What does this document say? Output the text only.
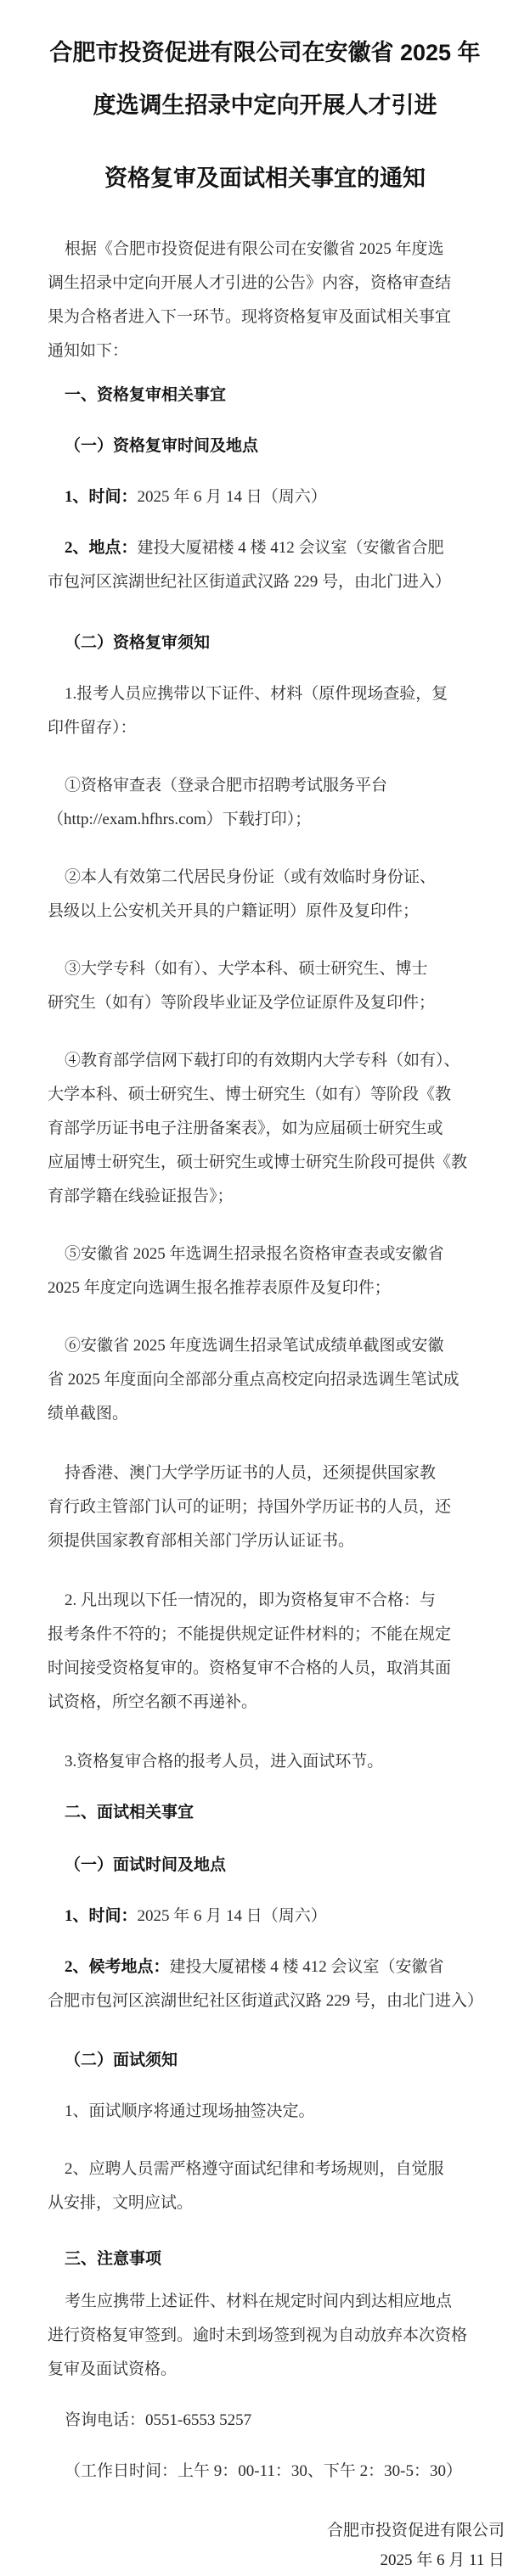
合肥市投资促进有限公司在安徽省 2025 年
度选调生招录中定向开展人才引进
资格复审及面试相关事宜的通知
根据《合肥市投资促进有限公司在安徽省 2025 年度选
调生招录中定向开展人才引进的公告》内容，资格审查结
果为合格者进入下一环节。现将资格复审及面试相关事宜
通知如下：
一、资格复审相关事宜
（一）资格复审时间及地点
1、时间：2025 年 6 月 14 日（周六）
2、地点：建投大厦裙楼 4 楼 412 会议室（安徽省合肥
市包河区滨湖世纪社区街道武汉路 229 号，由北门进入）
（二）资格复审须知
1.报考人员应携带以下证件、材料（原件现场查验，复
印件留存）：
①资格审查表（登录合肥市招聘考试服务平台
（http://exam.hfhrs.com）下载打印）；
②本人有效第二代居民身份证（或有效临时身份证、
县级以上公安机关开具的户籍证明）原件及复印件；
③大学专科（如有）、大学本科、硕士研究生、博士
研究生（如有）等阶段毕业证及学位证原件及复印件；
④教育部学信网下载打印的有效期内大学专科（如有）、
大学本科、硕士研究生、博士研究生（如有）等阶段《教
育部学历证书电子注册备案表》，如为应届硕士研究生或
应届博士研究生，硕士研究生或博士研究生阶段可提供《教
育部学籍在线验证报告》；
⑤安徽省 2025 年选调生招录报名资格审查表或安徽省
2025 年度定向选调生报名推荐表原件及复印件；
⑥安徽省 2025 年度选调生招录笔试成绩单截图或安徽
省 2025 年度面向全部部分重点高校定向招录选调生笔试成
绩单截图。
持香港、澳门大学学历证书的人员，还须提供国家教
育行政主管部门认可的证明；持国外学历证书的人员，还
须提供国家教育部相关部门学历认证证书。
2. 凡出现以下任一情况的，即为资格复审不合格：与
报考条件不符的；不能提供规定证件材料的；不能在规定
时间接受资格复审的。资格复审不合格的人员，取消其面
试资格，所空名额不再递补。
3.资格复审合格的报考人员，进入面试环节。
二、面试相关事宜
（一）面试时间及地点
1、时间：2025 年 6 月 14 日（周六）
2、候考地点：建投大厦裙楼 4 楼 412 会议室（安徽省
合肥市包河区滨湖世纪社区街道武汉路 229 号，由北门进入）
（二）面试须知
1、面试顺序将通过现场抽签决定。
2、应聘人员需严格遵守面试纪律和考场规则，自觉服
从安排，文明应试。
三、注意事项
考生应携带上述证件、材料在规定时间内到达相应地点
进行资格复审签到。逾时未到场签到视为自动放弃本次资格
复审及面试资格。
咨询电话：0551-6553 5257
（工作日时间：上午 9：00-11：30、下午 2：30-5：30）
合肥市投资促进有限公司
2025 年 6 月 11 日
